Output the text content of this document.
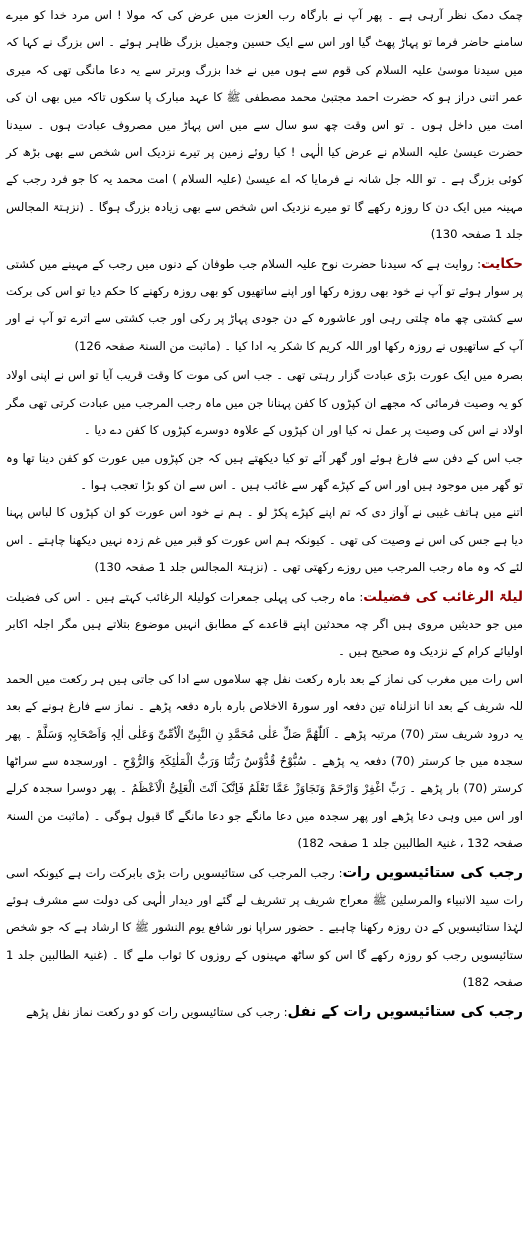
چمک دمک نظر آرہی ہے ۔ پھر آپ نے بارگاہ رب العزت میں عرض کی کہ مولا ! اس مرد خدا کو میرے سامنے حاضر فرما تو پہاڑ پھٹ گیا اور اس سے ایک حسین وجمیل بزرگ ظاہر ہوئے ۔ اس بزرگ نے کہا کہ میں سیدنا موسیٰ علیہ السلام کی قوم سے ہوں میں نے خدا بزرگ وبرتر سے یہ دعا مانگی تھی کہ میری عمر اتنی دراز ہو کہ حضرت احمد مجتبیٰ محمد مصطفی ﷺ کا عہد مبارک پا سکوں تاکہ میں بھی ان کی امت میں داخل ہوں ۔ تو اس وقت چھ سو سال سے میں اس پہاڑ میں مصروف عبادت ہوں ۔ سیدنا حضرت عیسیٰ علیہ السلام نے عرض کیا الٰہی ! کیا روئے زمین پر تیرے نزدیک اس شخص سے بھی بڑھ کر کوئی بزرگ ہے ۔ تو اللہ جل شانہ نے فرمایا کہ اے عیسیٰ (علیہ السلام ) امت محمد یہ کا جو فرد رجب کے مہینہ میں ایک دن کا روزہ رکھے گا تو میرے نزدیک اس شخص سے بھی زیادہ بزرگ ہوگا ۔ (نزہتۃ المجالس جلد 1 صفحہ 130)

حکایت: روایت ہے کہ سیدنا حضرت نوح علیہ السلام جب طوفان کے دنوں میں رجب کے مہینے میں کشتی پر سوار ہوئے تو آپ نے خود بھی روزہ رکھا اور اپنے ساتھیوں کو بھی روزہ رکھنے کا حکم دیا تو اس کی برکت سے کشتی چھ ماہ چلتی رہی اور عاشورہ کے دن جودی پہاڑ پر رکی اور جب کشتی سے اترے تو آپ نے اور آپ کے ساتھیوں نے روزہ رکھا اور اللہ کریم کا شکر یہ ادا کیا ۔ (ماثبت من السنۃ صفحہ 126)

بصرہ میں ایک عورت بڑی عبادت گزار رہتی تھی ۔ جب اس کی موت کا وقت قریب آیا تو اس نے اپنی اولاد کو یہ وصیت فرمائی کہ مجھے ان کپڑوں کا کفن پہنانا جن میں ماہ رجب المرجب میں عبادت کرتی تھی مگر اولاد نے اس کی وصیت پر عمل نہ کیا اور ان کپڑوں کے علاوہ دوسرے کپڑوں کا کفن دے دیا ۔

جب اس کے دفن سے فارغ ہوئے اور گھر آئے تو کیا دیکھتے ہیں کہ جن کپڑوں میں عورت کو کفن دینا تھا وہ تو گھر میں موجود ہیں اور اس کے کپڑے گھر سے غائب ہیں ۔ اس سے ان کو بڑا تعجب ہوا ۔

اتنے میں ہاتف غیبی نے آواز دی کہ تم اپنے کپڑے پکڑ لو ۔ ہم نے خود اس عورت کو ان کپڑوں کا لباس پہنا دیا ہے جس کی اس نے وصیت کی تھی ۔ کیونکہ ہم اس عورت کو قبر میں غم زدہ نہیں دیکھنا چاہتے ۔ اس لئے کہ وہ ماہ رجب المرجب میں روزے رکھتی تھی ۔ (نزہتۃ المجالس جلد 1 صفحہ 130)

لیلۃ الرغائب کی فضیلت: ماہ رجب کی پہلی جمعرات کولیلۃ الرغائب کہتے ہیں ۔ اس کی فضیلت میں جو حدیثیں مروی ہیں اگر چہ محدثین اپنے قاعدے کے مطابق انہیں موضوع بتلاتے ہیں مگر اجلہ اکابر اولیائے کرام کے نزدیک وہ صحیح ہیں ۔

اس رات میں مغرب کی نماز کے بعد بارہ رکعت نفل چھ سلاموں سے ادا کی جاتی ہیں ہر رکعت میں الحمد للہ شریف کے بعد انا انزلناہ تین دفعہ اور سورۃ الاخلاص بارہ بارہ دفعہ پڑھے ۔ نماز سے فارغ ہونے کے بعد یہ درود شریف ستر (70) مرتبہ پڑھے ۔ اَللّٰھُمَّ صَلِّ عَلٰی مُحَمَّدِ نِ النَّبِیِّ الْاُمِّیِّ وَعَلٰی اٰلِہٖ وَاَصْحَابِہٖ وَسَلَّمْ ۔ پھر سجدہ میں جا کرستر (70) دفعہ یہ پڑھے ۔ سُبُّوْحٌ قُدُّوْسٌ رَبُّنَا وَرَبُّ الْمَلٰئِکَۃِ وَالرُّوْحِ ۔ اورسجدہ سے سراٹھا کرستر (70) بار پڑھے ۔ رَبِّ اغْفِرْ وَارْحَمْ وَتَجَاوَزْ عَمَّا تَعْلَمُ فَاِنَّکَ اَنْتَ الْعَلِیُّ الْاَعْظَمُ ۔ پھر دوسرا سجدہ کرلے اور اس میں وہی دعا پڑھے اور پھر سجدہ میں دعا مانگے جو دعا مانگے گا قبول ہوگی ۔ (ماثبت من السنۃ صفحہ 132 ، غنیۃ الطالبین جلد 1 صفحہ 182)

رجب کی ستائیسویں رات: رجب المرجب کی ستائیسویں رات بڑی بابرکت رات ہے کیونکہ اسی رات سید الانبیاء والمرسلین ﷺ معراج شریف پر تشریف لے گئے اور دیدار الٰہی کی دولت سے مشرف ہوئے لہٰذا ستائیسویں کے دن روزہ رکھنا چاہیے ۔ حضور سراپا نور شافع یوم النشور ﷺ کا ارشاد ہے کہ جو شخص ستائیسویں رجب کو روزہ رکھے گا اس کو ساٹھ مہینوں کے روزوں کا ثواب ملے گا ۔ (غنیۃ الطالبین جلد 1 صفحہ 182)

رجب کی ستائیسویں رات کے نفل: رجب کی ستائیسویں رات کو دو رکعت نماز نفل پڑھے
